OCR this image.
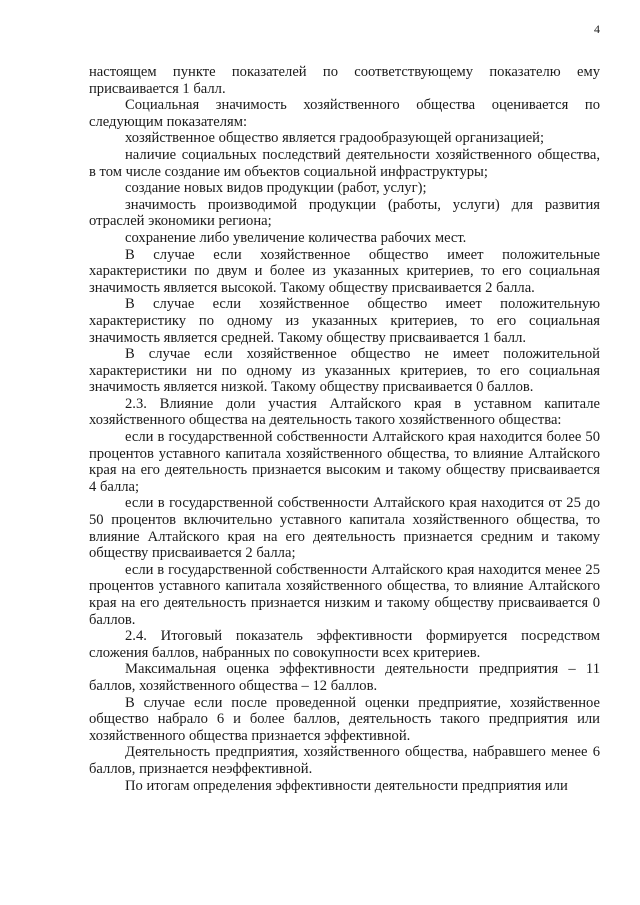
4

настоящем пункте показателей по соответствующему показателю ему присваивается 1 балл.

Социальная значимость хозяйственного общества оценивается по следующим показателям:

хозяйственное общество является градообразующей организацией;

наличие социальных последствий деятельности хозяйственного общества, в том числе создание им объектов социальной инфраструктуры;

создание новых видов продукции (работ, услуг);

значимость производимой продукции (работы, услуги) для развития отраслей экономики региона;

сохранение либо увеличение количества рабочих мест.

В случае если хозяйственное общество имеет положительные характеристики по двум и более из указанных критериев, то его социальная значимость является высокой. Такому обществу присваивается 2 балла.

В случае если хозяйственное общество имеет положительную характеристику по одному из указанных критериев, то его социальная значимость является средней. Такому обществу присваивается 1 балл.

В случае если хозяйственное общество не имеет положительной характеристики ни по одному из указанных критериев, то его социальная значимость является низкой. Такому обществу присваивается 0 баллов.

2.3. Влияние доли участия Алтайского края в уставном капитале хозяйственного общества на деятельность такого хозяйственного общества:

если в государственной собственности Алтайского края находится более 50 процентов уставного капитала хозяйственного общества, то влияние Алтайского края на его деятельность признается высоким и такому обществу присваивается 4 балла;

если в государственной собственности Алтайского края находится от 25 до 50 процентов включительно уставного капитала хозяйственного общества, то влияние Алтайского края на его деятельность признается средним и такому обществу присваивается 2 балла;

если в государственной собственности Алтайского края находится менее 25 процентов уставного капитала хозяйственного общества, то влияние Алтайского края на его деятельность признается низким и такому обществу присваивается 0 баллов.

2.4. Итоговый показатель эффективности формируется посредством сложения баллов, набранных по совокупности всех критериев.

Максимальная оценка эффективности деятельности предприятия – 11 баллов, хозяйственного общества – 12 баллов.

В случае если после проведенной оценки предприятие, хозяйственное общество набрало 6 и более баллов, деятельность такого предприятия или хозяйственного общества признается эффективной.

Деятельность предприятия, хозяйственного общества, набравшего менее 6 баллов, признается неэффективной.

По итогам определения эффективности деятельности предприятия или
